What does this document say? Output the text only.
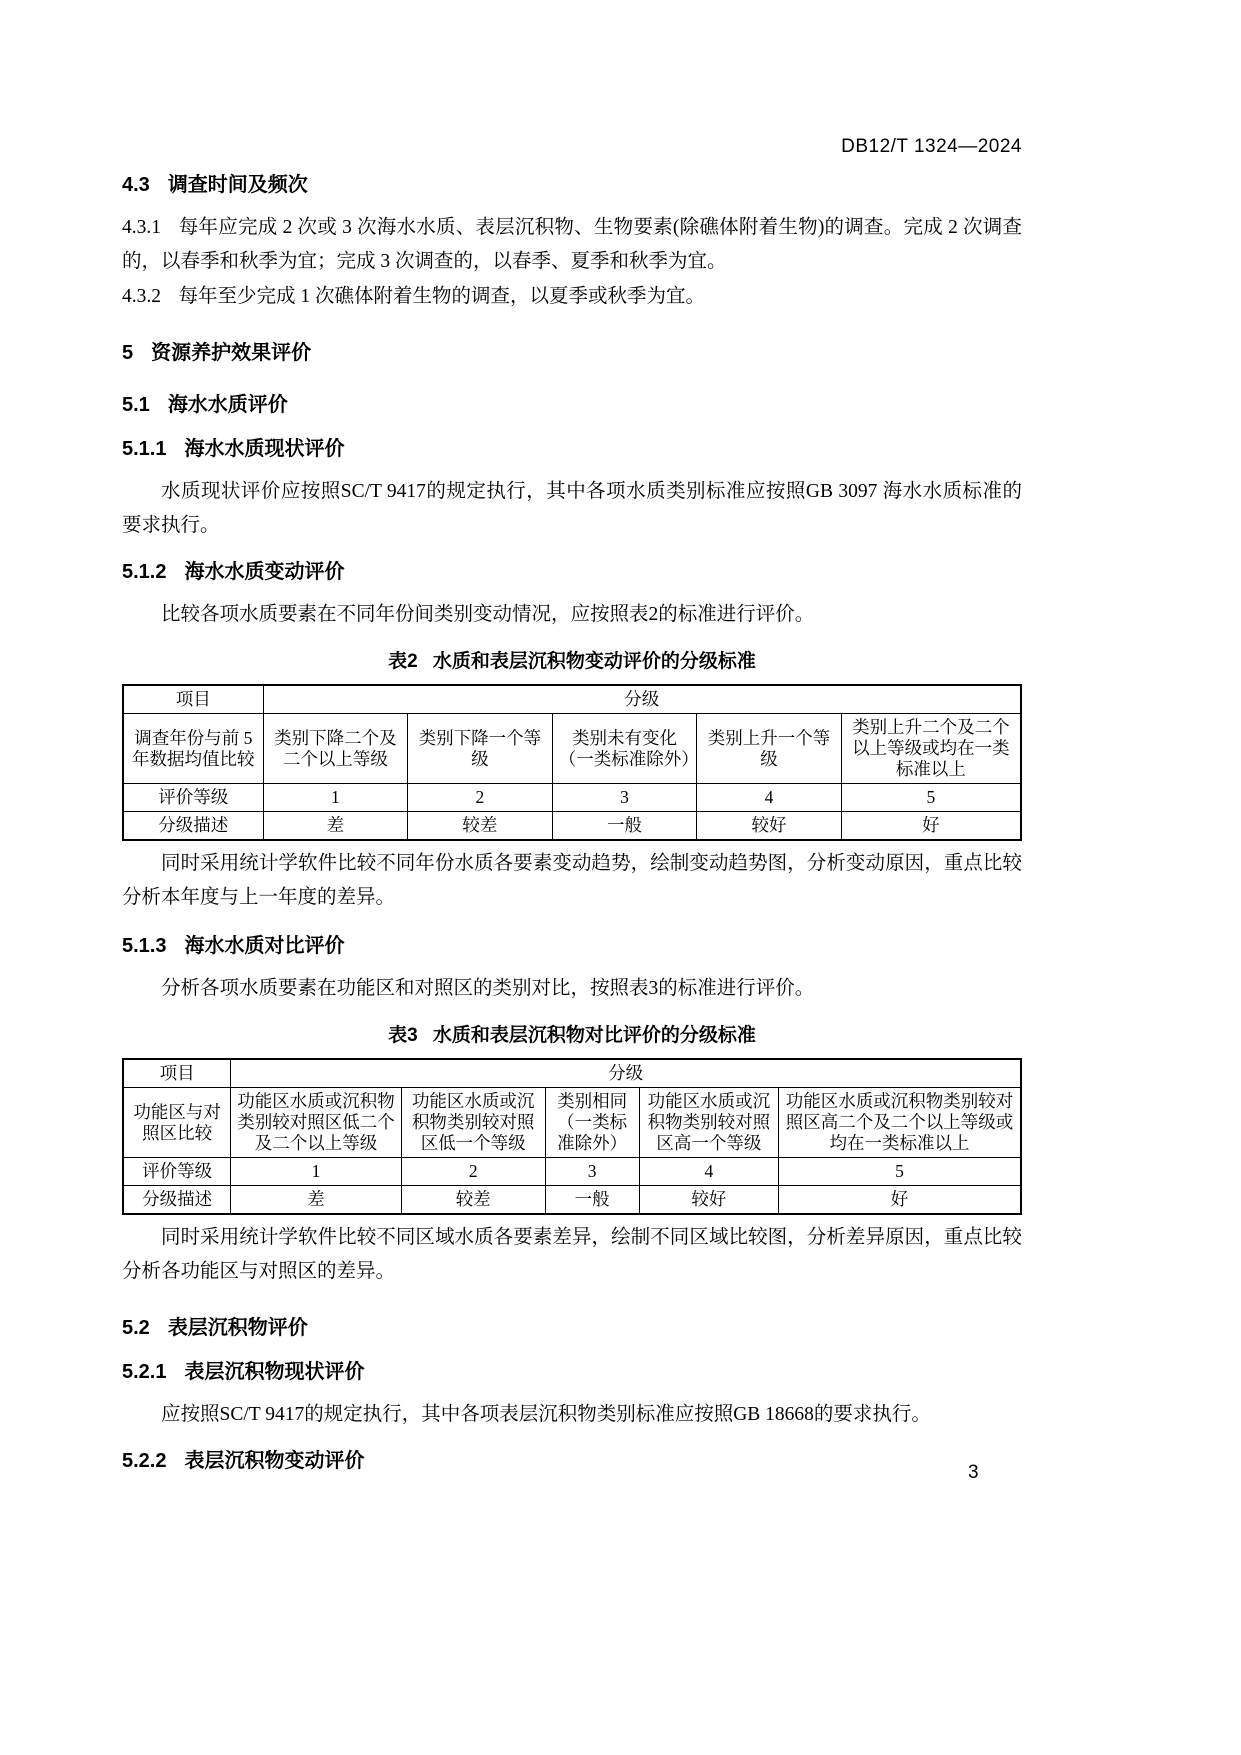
DB12/T 1324—2024
4.3 调查时间及频次

4.3.1 每年应完成 2 次或 3 次海水水质、表层沉积物、生物要素(除礁体附着生物)的调查。完成 2 次调查的，以春季和秋季为宜；完成 3 次调查的，以春季、夏季和秋季为宜。

4.3.2 每年至少完成 1 次礁体附着生物的调查，以夏季或秋季为宜。

5 资源养护效果评价
5.1 海水水质评价
5.1.1 海水水质现状评价

水质现状评价应按照SC/T 9417的规定执行，其中各项水质类别标准应按照GB 3097 海水水质标准的要求执行。

5.1.2 海水水质变动评价

比较各项水质要素在不同年份间类别变动情况，应按照表2的标准进行评价。

表2 水质和表层沉积物变动评价的分级标准
项目	分级				
调查年份与前 5 年数据均值比较	类别下降二个及二个以上等级	类别下降一个等级	类别未有变化（一类标准除外）	类别上升一个等级	类别上升二个及二个以上等级或均在一类标准以上
评价等级	1	2	3	4	5
分级描述	差	较差	一般	较好	好

同时采用统计学软件比较不同年份水质各要素变动趋势，绘制变动趋势图，分析变动原因，重点比较分析本年度与上一年度的差异。

5.1.3 海水水质对比评价

分析各项水质要素在功能区和对照区的类别对比，按照表3的标准进行评价。

表3 水质和表层沉积物对比评价的分级标准
项目	分级				
功能区与对照区比较	功能区水质或沉积物类别较对照区低二个及二个以上等级	功能区水质或沉积物类别较对照区低一个等级	类别相同（一类标准除外）	功能区水质或沉积物类别较对照区高一个等级	功能区水质或沉积物类别较对照区高二个及二个以上等级或均在一类标准以上
评价等级	1	2	3	4	5
分级描述	差	较差	一般	较好	好

同时采用统计学软件比较不同区域水质各要素差异，绘制不同区域比较图，分析差异原因，重点比较分析各功能区与对照区的差异。

5.2 表层沉积物评价
5.2.1 表层沉积物现状评价

应按照SC/T 9417的规定执行，其中各项表层沉积物类别标准应按照GB 18668的要求执行。

5.2.2 表层沉积物变动评价
3
